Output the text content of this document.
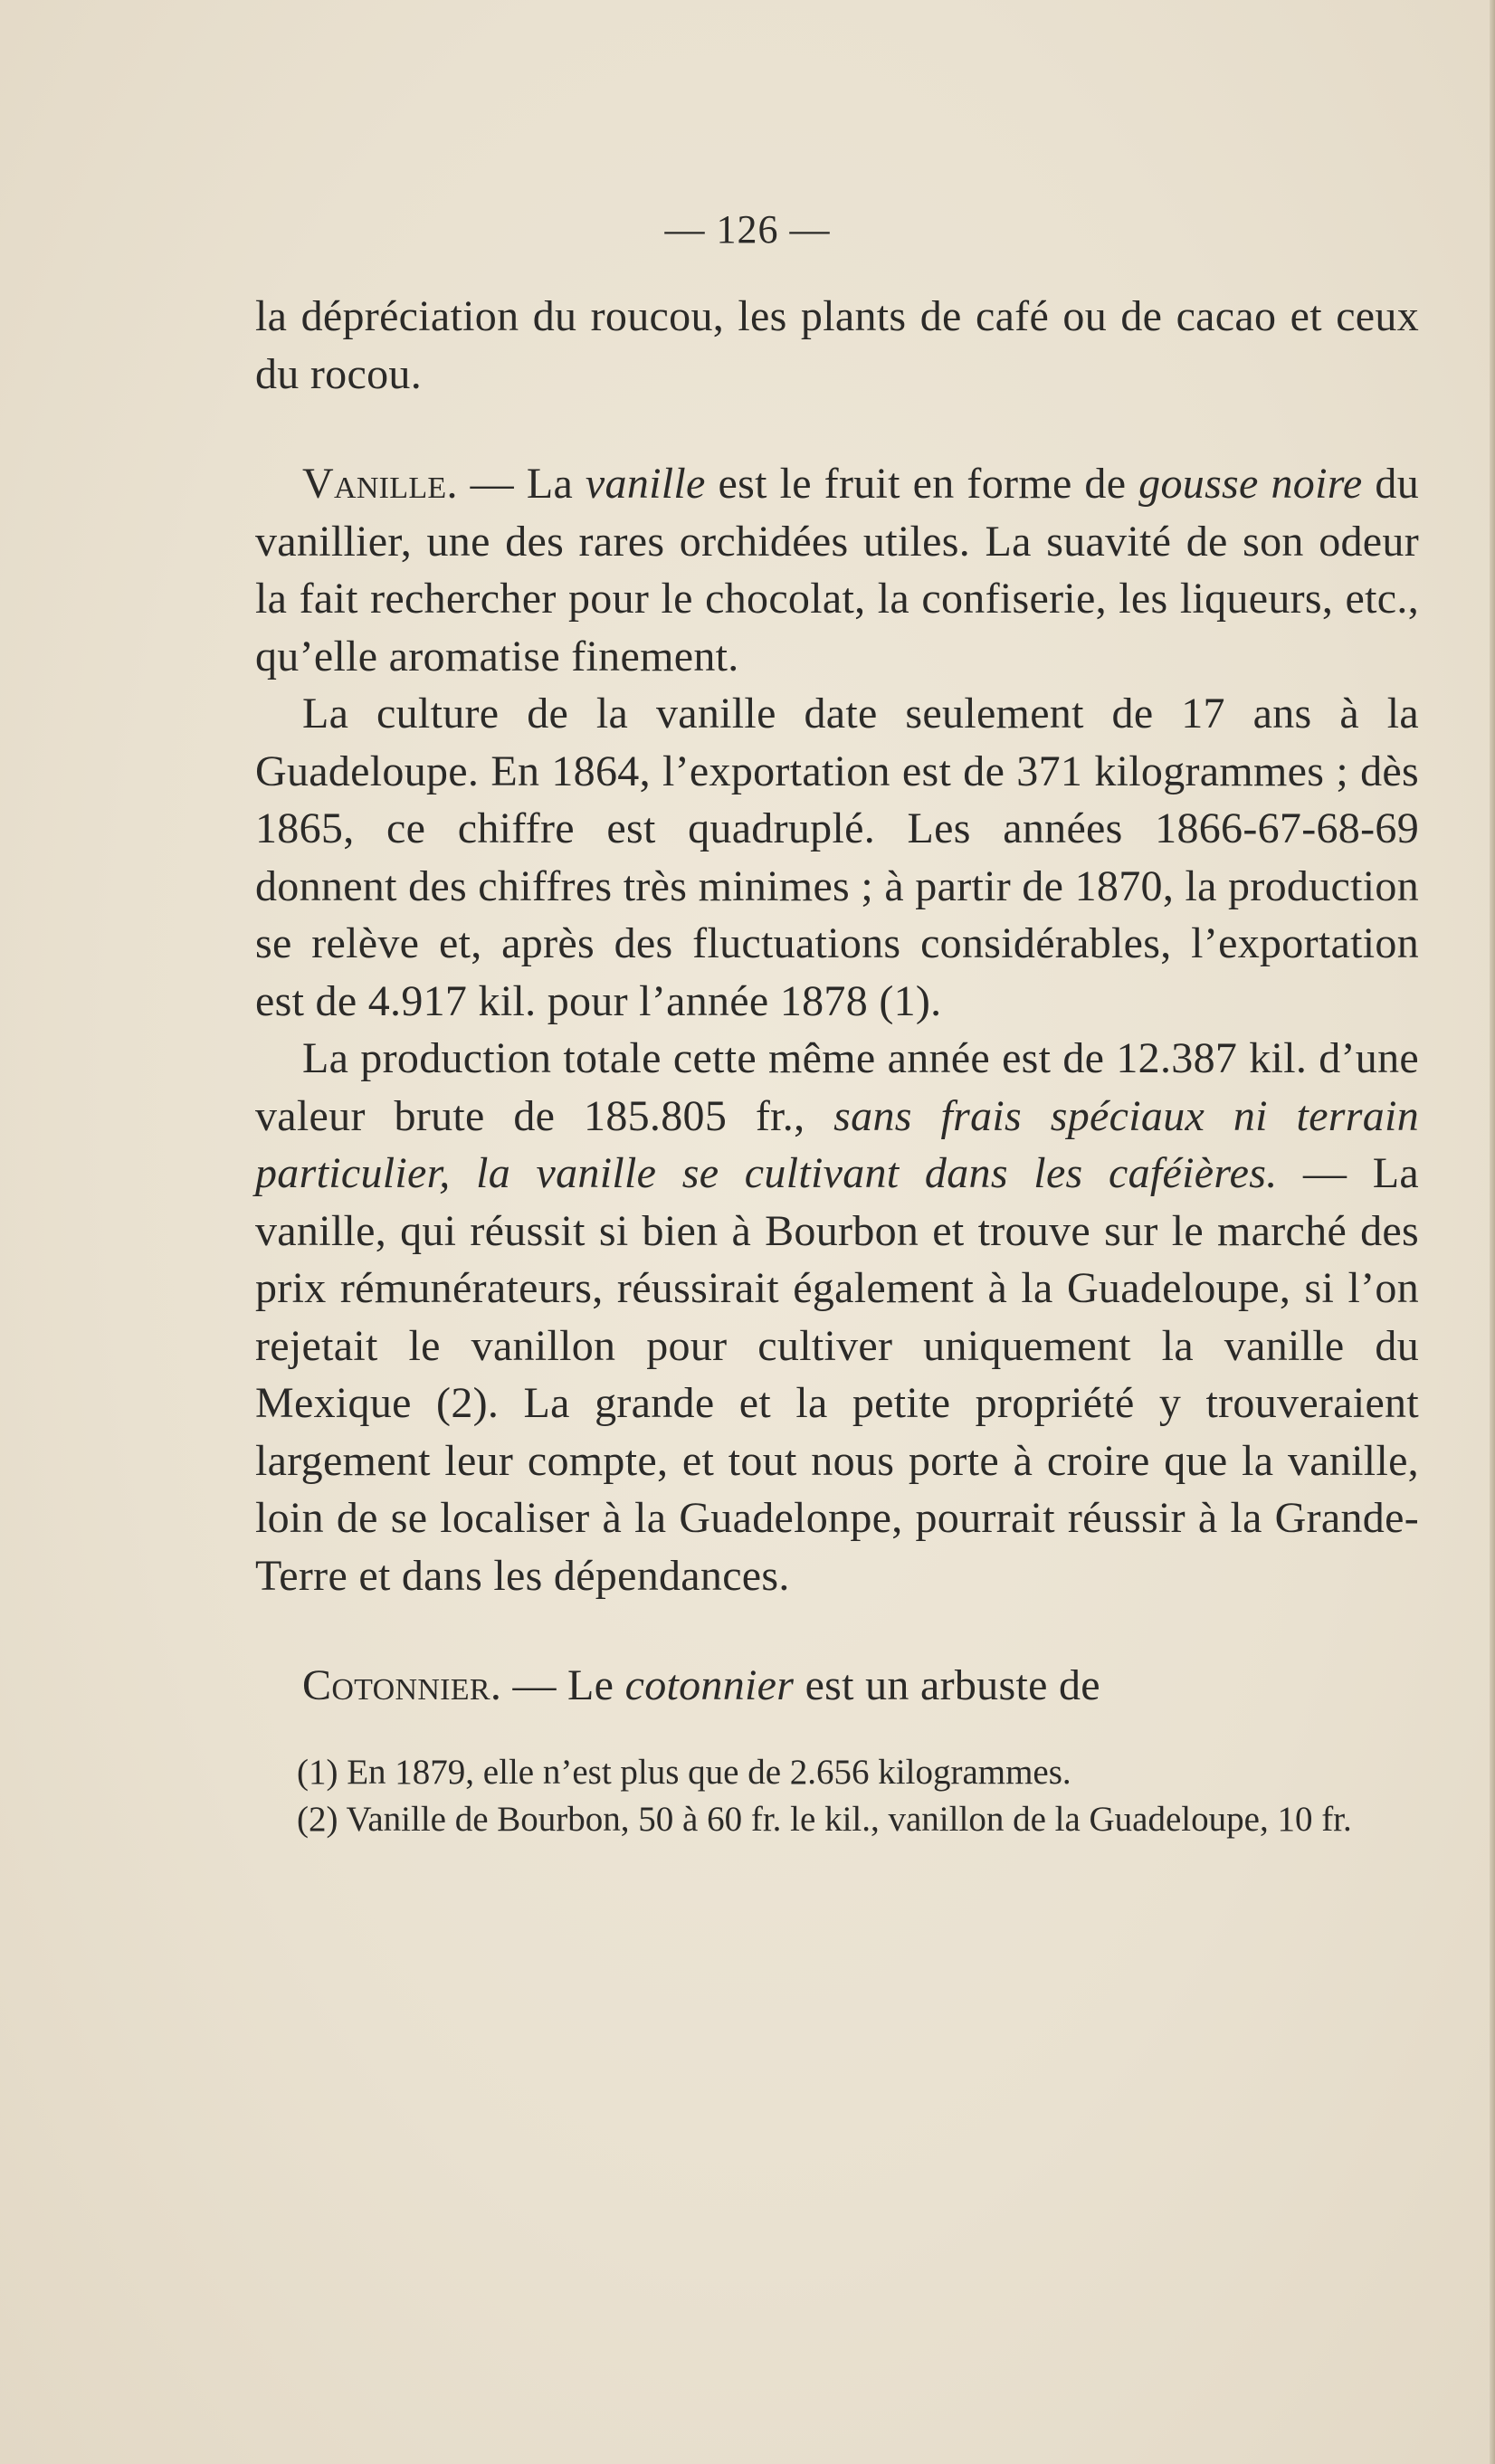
— 126 —

la dépréciation du roucou, les plants de café ou de cacao et ceux du rocou.

Vanille. — La vanille est le fruit en forme de gousse noire du vanillier, une des rares orchidées utiles. La suavité de son odeur la fait rechercher pour le chocolat, la confiserie, les liqueurs, etc., qu’elle aromatise finement.

La culture de la vanille date seulement de 17 ans à la Guadeloupe. En 1864, l’exportation est de 371 kilogrammes ; dès 1865, ce chiffre est quadruplé. Les années 1866-67-68-69 donnent des chiffres très minimes ; à partir de 1870, la production se relève et, après des fluctuations considérables, l’exportation est de 4.917 kil. pour l’année 1878 (1).

La production totale cette même année est de 12.387 kil. d’une valeur brute de 185.805 fr., sans frais spéciaux ni terrain particulier, la vanille se cultivant dans les caféières. — La vanille, qui réussit si bien à Bourbon et trouve sur le marché des prix rémunérateurs, réussirait également à la Guadeloupe, si l’on rejetait le vanillon pour cultiver uniquement la vanille du Mexique (2). La grande et la petite propriété y trouveraient largement leur compte, et tout nous porte à croire que la vanille, loin de se localiser à la Guadelonpe, pourrait réussir à la Grande-Terre et dans les dépendances.

Cotonnier. — Le cotonnier est un arbuste de

(1) En 1879, elle n’est plus que de 2.656 kilogrammes.

(2) Vanille de Bourbon, 50 à 60 fr. le kil., vanillon de la Guadeloupe, 10 fr.
